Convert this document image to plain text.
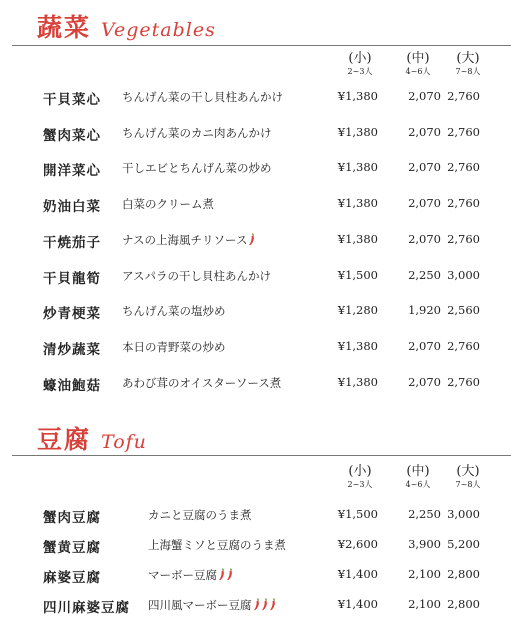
蔬菜 Vegetables
(小)
2~3人
(中)
4~6人
(大)
7~8人
干貝菜心 ちんげん菜の干し貝柱あんかけ	¥1,380	2,070 2,760
蟹肉菜心 ちんげん菜のカニ肉あんかけ	¥1,380	2,070 2,760
開洋菜心 干しエビとちんげん菜の炒め	¥1,380	2,070 2,760
奶油白菜 白菜のクリーム煮	¥1,380	2,070 2,760
干焼茄子 ナスの上海風チリソース	¥1,380	2,070 2,760
干貝龍筍 アスパラの干し貝柱あんかけ	¥1,500	2,250 3,000
炒青梗菜 ちんげん菜の塩炒め	¥1,280	1,920 2,560
清炒蔬菜 本日の青野菜の炒め	¥1,380	2,070 2,760
蠔油鮑菇 あわび茸のオイスターソース煮	¥1,380	2,070 2,760
豆腐 Tofu
(小)
2~3人
(中)
4~6人
(大)
7~8人
蟹肉豆腐	カニと豆腐のうま煮	¥1,500	2,250 3,000
蟹黄豆腐	上海蟹ミソと豆腐のうま煮	¥2,600	3,900 5,200
麻婆豆腐	マーボー豆腐	¥1,400	2,100 2,800
四川麻婆豆腐 四川風マーボー豆腐	¥1,400	2,100 2,800
